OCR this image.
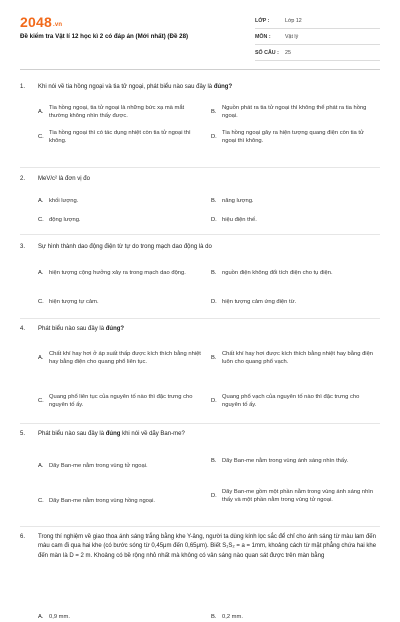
2048.vn
Đề kiểm tra Vật lí 12 học kì 2 có đáp án (Mới nhất) (Đề 28)
LỚP :	Lớp 12
MÔN :	Vật lý
SỐ CÂU :	25
1.	Khi nói về tia hồng ngoại và tia tử ngoại, phát biểu nào sau đây là đúng?
A.
Tia hồng ngoại, tia tử ngoại là những bức xạ mà mắt thường không nhìn thấy được.
B.
Nguồn phát ra tia tử ngoại thì không thể phát ra tia hồng ngoại.
C.
Tia hồng ngoại thì có tác dụng nhiệt còn tia tử ngoại thì không.
D.
Tia hồng ngoại gây ra hiện tượng quang điện còn tia tử ngoại thì không.
2.	MeV/c² là đơn vị đo
A. khối lượng.	B. năng lượng.
C. động lượng.	D. hiệu điện thế.
3.	Sự hình thành dao động điện từ tự do trong mạch dao động là do
A. hiện tượng cộng hưởng xảy ra trong mạch dao động.	B. nguồn điện không đổi tích điện cho tụ điện.
C. hiện tượng tự cảm.	D. hiện tượng cảm ứng điện từ.
4.	Phát biểu nào sau đây là đúng?
A.
Chất khí hay hơi ở áp suất thấp được kích thích bằng nhiệt hay bằng điện cho quang phổ liên tục.
B.
Chất khí hay hơi được kích thích bằng nhiệt hay bằng điện luôn cho quang phổ vạch.
C.
Quang phổ liên tục của nguyên tố nào thì đặc trưng cho nguyên tố ấy.
D.
Quang phổ vạch của nguyên tố nào thì đặc trưng cho nguyên tố ấy.
5.	Phát biểu nào sau đây là đúng khi nói về dãy Ban-me?
A. Dãy Ban-me nằm trong vùng tử ngoại.
B. Dãy Ban-me nằm trong vùng ánh sáng nhìn thấy.
C. Dãy Ban-me nằm trong vùng hồng ngoại.
D.
Dãy Ban-me gồm một phần nằm trong vùng ánh sáng nhìn thấy và một phần nằm trong vùng tử ngoại.
6.	Trong thí nghiệm về giao thoa ánh sáng trắng bằng khe Y-âng, người ta dùng kính lọc sắc để chỉ cho ánh sáng từ màu lam đến màu cam đi qua hai khe (có bước sóng từ 0,45μm đến 0,65μm). Biết S₁S₂ = a = 1mm, khoảng cách từ mặt phẳng chứa hai khe đến màn là D = 2 m. Khoảng có bề rộng nhỏ nhất mà không có vân sáng nào quan sát được trên màn bằng
A. 0,9 mm.	B. 0,2 mm.
